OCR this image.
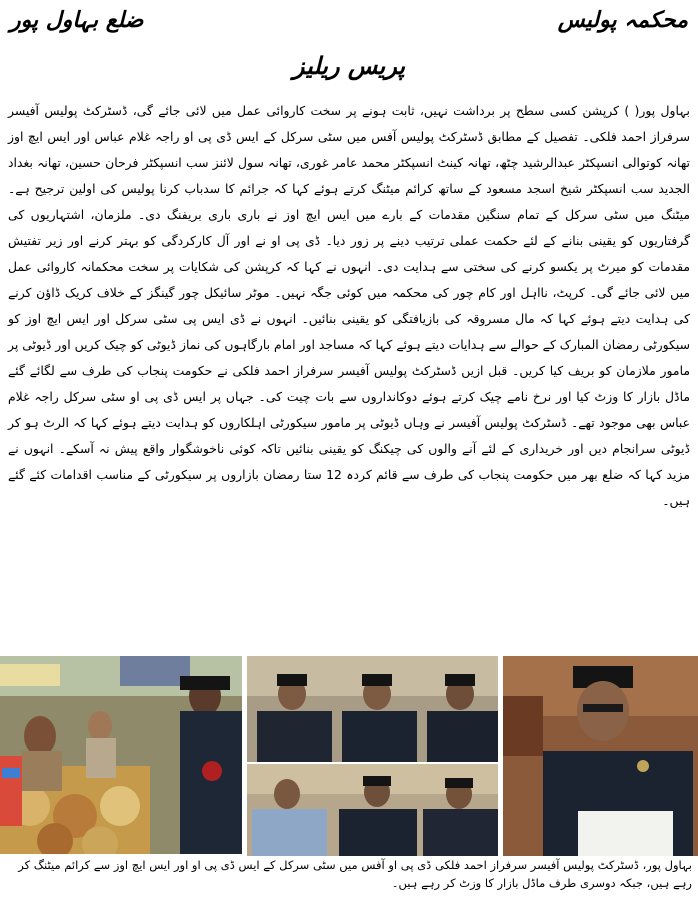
محکمہ پولیس
ضلع بہاول پور
پریس ریلیز

بہاول پور( ) کرپشن کسی سطح پر برداشت نہیں، ثابت ہونے پر سخت کاروائی عمل میں لائی جائے گی، ڈسٹرکٹ پولیس آفیسر سرفراز احمد فلکی۔ تفصیل کے مطابق ڈسٹرکٹ پولیس آفس میں سٹی سرکل کے ایس ڈی پی او راجہ غلام عباس اور ایس ایچ اوز تھانہ کوتوالی انسپکٹر عبدالرشید چٹھ، تھانہ کینٹ انسپکٹر محمد عامر غوری، تھانہ سول لائنز سب انسپکٹر فرحان حسین، تھانہ بغداد الجدید سب انسپکٹر شیخ اسجد مسعود کے ساتھ کرائم میٹنگ کرتے ہوئے کہا کہ جرائم کا سدباب کرنا پولیس کی اولین ترجیح ہے۔ میٹنگ میں سٹی سرکل کے تمام سنگین مقدمات کے بارے میں ایس ایچ اوز نے باری باری بریفنگ دی۔ ملزمان، اشتہاریوں کی گرفتاریوں کو یقینی بنانے کے لئے حکمت عملی ترتیب دینے پر زور دیا۔ ڈی پی او نے اور آل کارکردگی کو بہتر کرنے اور زیر تفتیش مقدمات کو میرٹ پر یکسو کرنے کی سختی سے ہدایت دی۔ انہوں نے کہا کہ کرپشن کی شکایات پر سخت محکمانہ کاروائی عمل میں لائی جائے گی۔ کرپٹ، نااہل اور کام چور کی محکمہ میں کوئی جگہ نہیں۔ موٹر سائیکل چور گینگز کے خلاف کریک ڈاؤن کرنے کی ہدایت دیتے ہوئے کہا کہ مال مسروقہ کی بازیافتگی کو یقینی بنائیں۔ انہوں نے ڈی ایس پی سٹی سرکل اور ایس ایچ اوز کو سیکورٹی رمضان المبارک کے حوالے سے ہدایات دیتے ہوئے کہا کہ مساجد اور امام بارگاہوں کی نماز ڈیوٹی کو چیک کریں اور ڈیوٹی پر مامور ملازمان کو بریف کیا کریں۔ قبل ازیں ڈسٹرکٹ پولیس آفیسر سرفراز احمد فلکی نے حکومت پنجاب کی طرف سے لگائے گئے ماڈل بازار کا وزٹ کیا اور نرخ نامے چیک کرتے ہوئے دوکانداروں سے بات چیت کی۔ جہاں پر ایس ڈی پی او سٹی سرکل راجہ غلام عباس بھی موجود تھے۔ ڈسٹرکٹ پولیس آفیسر نے وہاں ڈیوٹی پر مامور سیکورٹی اہلکاروں کو ہدایت دیتے ہوئے کہا کہ الرٹ ہو کر ڈیوٹی سرانجام دیں اور خریداری کے لئے آنے والوں کی چیکنگ کو یقینی بنائیں تاکہ کوئی ناخوشگوار واقع پیش نہ آسکے۔ انہوں نے مزید کہا کہ ضلع بھر میں حکومت پنجاب کی طرف سے قائم کردہ 12 ستا رمضان بازاروں پر سیکورٹی کے مناسب اقدامات کئے گئے ہیں۔

بہاول پور، ڈسٹرکٹ پولیس آفیسر سرفراز احمد فلکی ڈی پی او آفس میں سٹی سرکل کے ایس ڈی پی او اور ایس ایچ اوز سے کرائم میٹنگ کر رہے ہیں، جبکہ دوسری طرف ماڈل بازار کا وزٹ کر رہے ہیں۔
